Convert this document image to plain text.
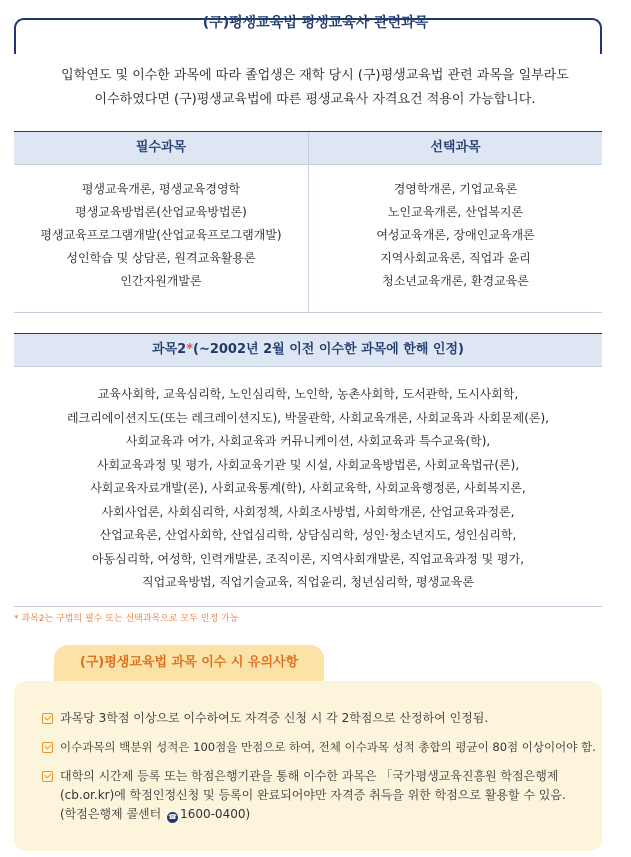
(구)평생교육법 평생교육사 관련과목
입학연도 및 이수한 과목에 따라 졸업생은 재학 당시 (구)평생교육법 관련 과목을 일부라도
이수하였다면 (구)평생교육법에 따른 평생교육사 자격요건 적용이 가능합니다.
필수과목	선택과목
평생교육개론, 평생교육경영학
평생교육방법론(산업교육방법론)
평생교육프로그램개발(산업교육프로그램개발)
성인학습 및 상담론, 원격교육활용론
인간자원개발론
경영학개론, 기업교육론
노인교육개론, 산업복지론
여성교육개론, 장애인교육개론
지역사회교육론, 직업과 윤리
청소년교육개론, 환경교육론
과목2*(~2002년 2월 이전 이수한 과목에 한해 인정)
교육사회학, 교육심리학, 노인심리학, 노인학, 농촌사회학, 도서관학, 도시사회학,
레크리에이션지도(또는 레크레이션지도), 박물관학, 사회교육개론, 사회교육과 사회문제(론),
사회교육과 여가, 사회교육과 커뮤니케이션, 사회교육과 특수교육(학),
사회교육과정 및 평가, 사회교육기관 및 시설, 사회교육방법론, 사회교육법규(론),
사회교육자료개발(론), 사회교육통계(학), 사회교육학, 사회교육행정론, 사회복지론,
사회사업론, 사회심리학, 사회정책, 사회조사방법, 사회학개론, 산업교육과정론,
산업교육론, 산업사회학, 산업심리학, 상담심리학, 성인·청소년지도, 성인심리학,
아동심리학, 여성학, 인력개발론, 조직이론, 지역사회개발론, 직업교육과정 및 평가,
직업교육방법, 직업기술교육, 직업윤리, 청년심리학, 평생교육론
* 과목2는 구법의 필수 또는 선택과목으로 모두 인정 가능
(구)평생교육법 과목 이수 시 유의사항
과목당 3학점 이상으로 이수하여도 자격증 신청 시 각 2학점으로 산정하여 인정됨.
이수과목의 백분위 성적은 100점을 만점으로 하여, 전체 이수과목 성적 총합의 평균이 80점 이상이어야 함.
대학의 시간제 등록 또는 학점은행기관을 통해 이수한 과목은 「국가평생교육진흥원 학점은행제
(cb.or.kr)에 학점인정신청 및 등록이 완료되어야만 자격증 취득을 위한 학점으로 활용할 수 있음.
(학점은행제 콜센터 ☎ 1600-0400)
